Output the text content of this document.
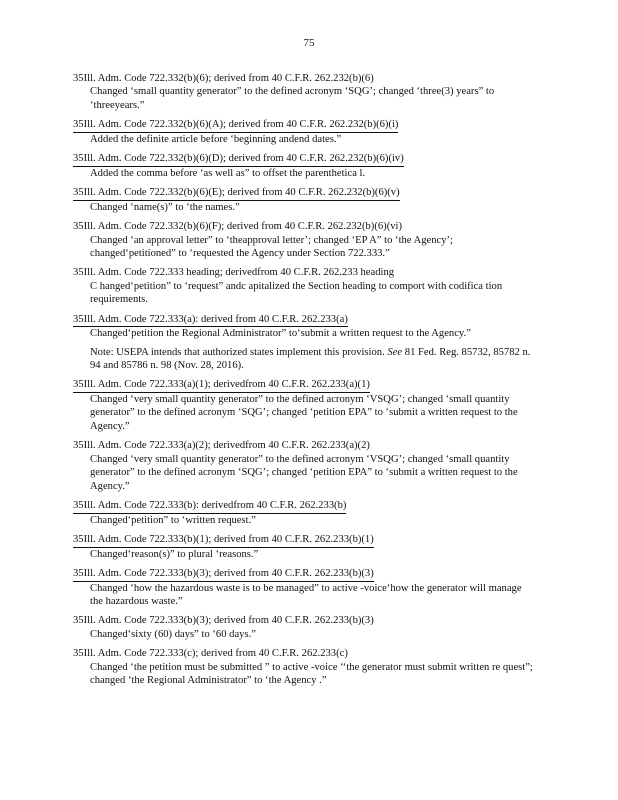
75
35Ill. Adm. Code 722.332(b)(6); derived from 40 C.F.R. 262.232(b)(6)
Changed ‘small quantity generator” to the defined acronym ‘SQG’; changed ‘three(3) years” to ‘threeyears.”
35Ill. Adm. Code 722.332(b)(6)(A); derived from 40 C.F.R. 262.232(b)(6)(i)
Added the definite article before ‘beginning andend dates.”
35Ill. Adm. Code 722.332(b)(6)(D); derived from 40 C.F.R. 262.232(b)(6)(iv)
Added the comma before ‘as well as” to offset the parenthetica l.
35Ill. Adm. Code 722.332(b)(6)(E); derived from 40 C.F.R. 262.232(b)(6)(v)
Changed ‘name(s)” to ‘the names.”
35Ill. Adm. Code 722.332(b)(6)(F); derived from 40 C.F.R. 262.232(b)(6)(vi)
Changed ‘an approval letter” to ‘theapproval letter’; changed ‘EP A” to ‘the Agency’; changed‘petitioned” to ‘requested the Agency under Section 722.333.”
35Ill. Adm. Code 722.333 heading; derivedfrom 40 C.F.R. 262.233 heading
C hanged‘petition” to ‘request” andc apitalized the Section heading to comport with codifica tion requirements.
35Ill. Adm. Code 722.333(a): derived from 40 C.F.R. 262.233(a)
Changed‘petition the Regional Administrator” to‘submit a written request to the Agency.”
Note: USEPA intends that authorized states implement this provision. See 81 Fed. Reg. 85732, 85782 n. 94 and 85786 n. 98 (Nov. 28, 2016).
35Ill. Adm. Code 722.333(a)(1); derivedfrom 40 C.F.R. 262.233(a)(1)
Changed ‘very small quantity generator” to the defined acronym ‘VSQG’; changed ‘small quantity generator” to the defined acronym ‘SQG’; changed ‘petition EPA” to ‘submit a written request to the Agency.”
35Ill. Adm. Code 722.333(a)(2); derivedfrom 40 C.F.R. 262.233(a)(2)
Changed ‘very small quantity generator” to the defined acronym ‘VSQG’; changed ‘small quantity generator” to the defined acronym ‘SQG’; changed ‘petition EPA” to ‘submit a written request to the Agency.”
35Ill. Adm. Code 722.333(b): derivedfrom 40 C.F.R. 262.233(b)
Changed‘petition” to ‘written request.”
35Ill. Adm. Code 722.333(b)(1); derived from 40 C.F.R. 262.233(b)(1)
Changed‘reason(s)” to plural ‘reasons.”
35Ill. Adm. Code 722.333(b)(3); derived from 40 C.F.R. 262.233(b)(3)
Changed ‘how the hazardous waste is to be managed” to active -voice‘how the generator will manage the hazardous waste.”
35Ill. Adm. Code 722.333(b)(3); derived from 40 C.F.R. 262.233(b)(3)
Changed‘sixty (60) days” to ‘60 days.”
35Ill. Adm. Code 722.333(c); derived from 40 C.F.R. 262.233(c)
Changed ‘the petition must be submitted ” to active -voice ‘‘the generator must submit written re quest”; changed ‘the Regional Administrator” to ‘the Agency .”
